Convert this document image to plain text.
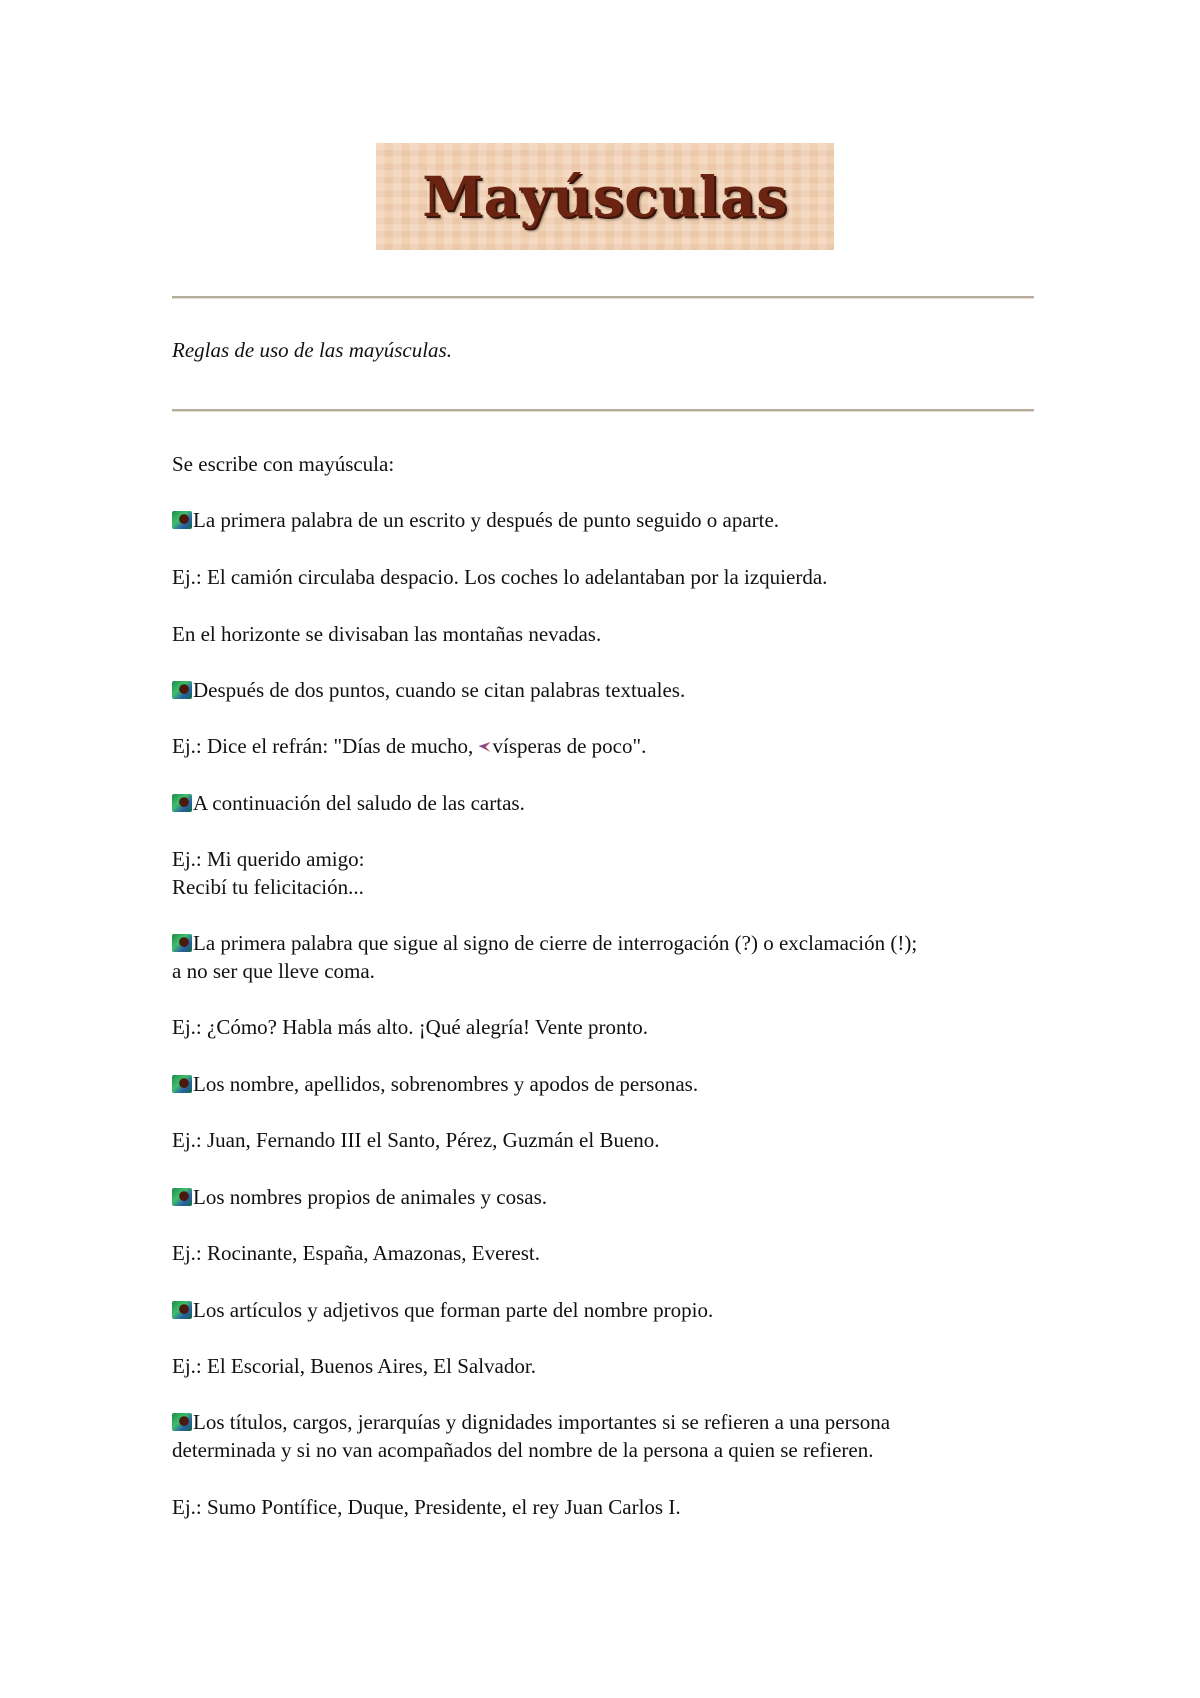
Mayúsculas
Reglas de uso de las mayúsculas.
Se escribe con mayúscula:
La primera palabra de un escrito y después de punto seguido o aparte.
Ej.: El camión circulaba despacio. Los coches lo adelantaban por la izquierda.
En el horizonte se divisaban las montañas nevadas.
Después de dos puntos, cuando se citan palabras textuales.
Ej.: Dice el refrán: "Días de mucho, vísperas de poco".
A continuación del saludo de las cartas.
Ej.: Mi querido amigo:
Recibí tu felicitación...
La primera palabra que sigue al signo de cierre de interrogación (?) o exclamación (!);
a no ser que lleve coma.
Ej.: ¿Cómo? Habla más alto. ¡Qué alegría! Vente pronto.
Los nombre, apellidos, sobrenombres y apodos de personas.
Ej.: Juan, Fernando III el Santo, Pérez, Guzmán el Bueno.
Los nombres propios de animales y cosas.
Ej.: Rocinante, España, Amazonas, Everest.
Los artículos y adjetivos que forman parte del nombre propio.
Ej.: El Escorial, Buenos Aires, El Salvador.
Los títulos, cargos, jerarquías y dignidades importantes si se refieren a una persona
determinada y si no van acompañados del nombre de la persona a quien se refieren.
Ej.: Sumo Pontífice, Duque, Presidente, el rey Juan Carlos I.
